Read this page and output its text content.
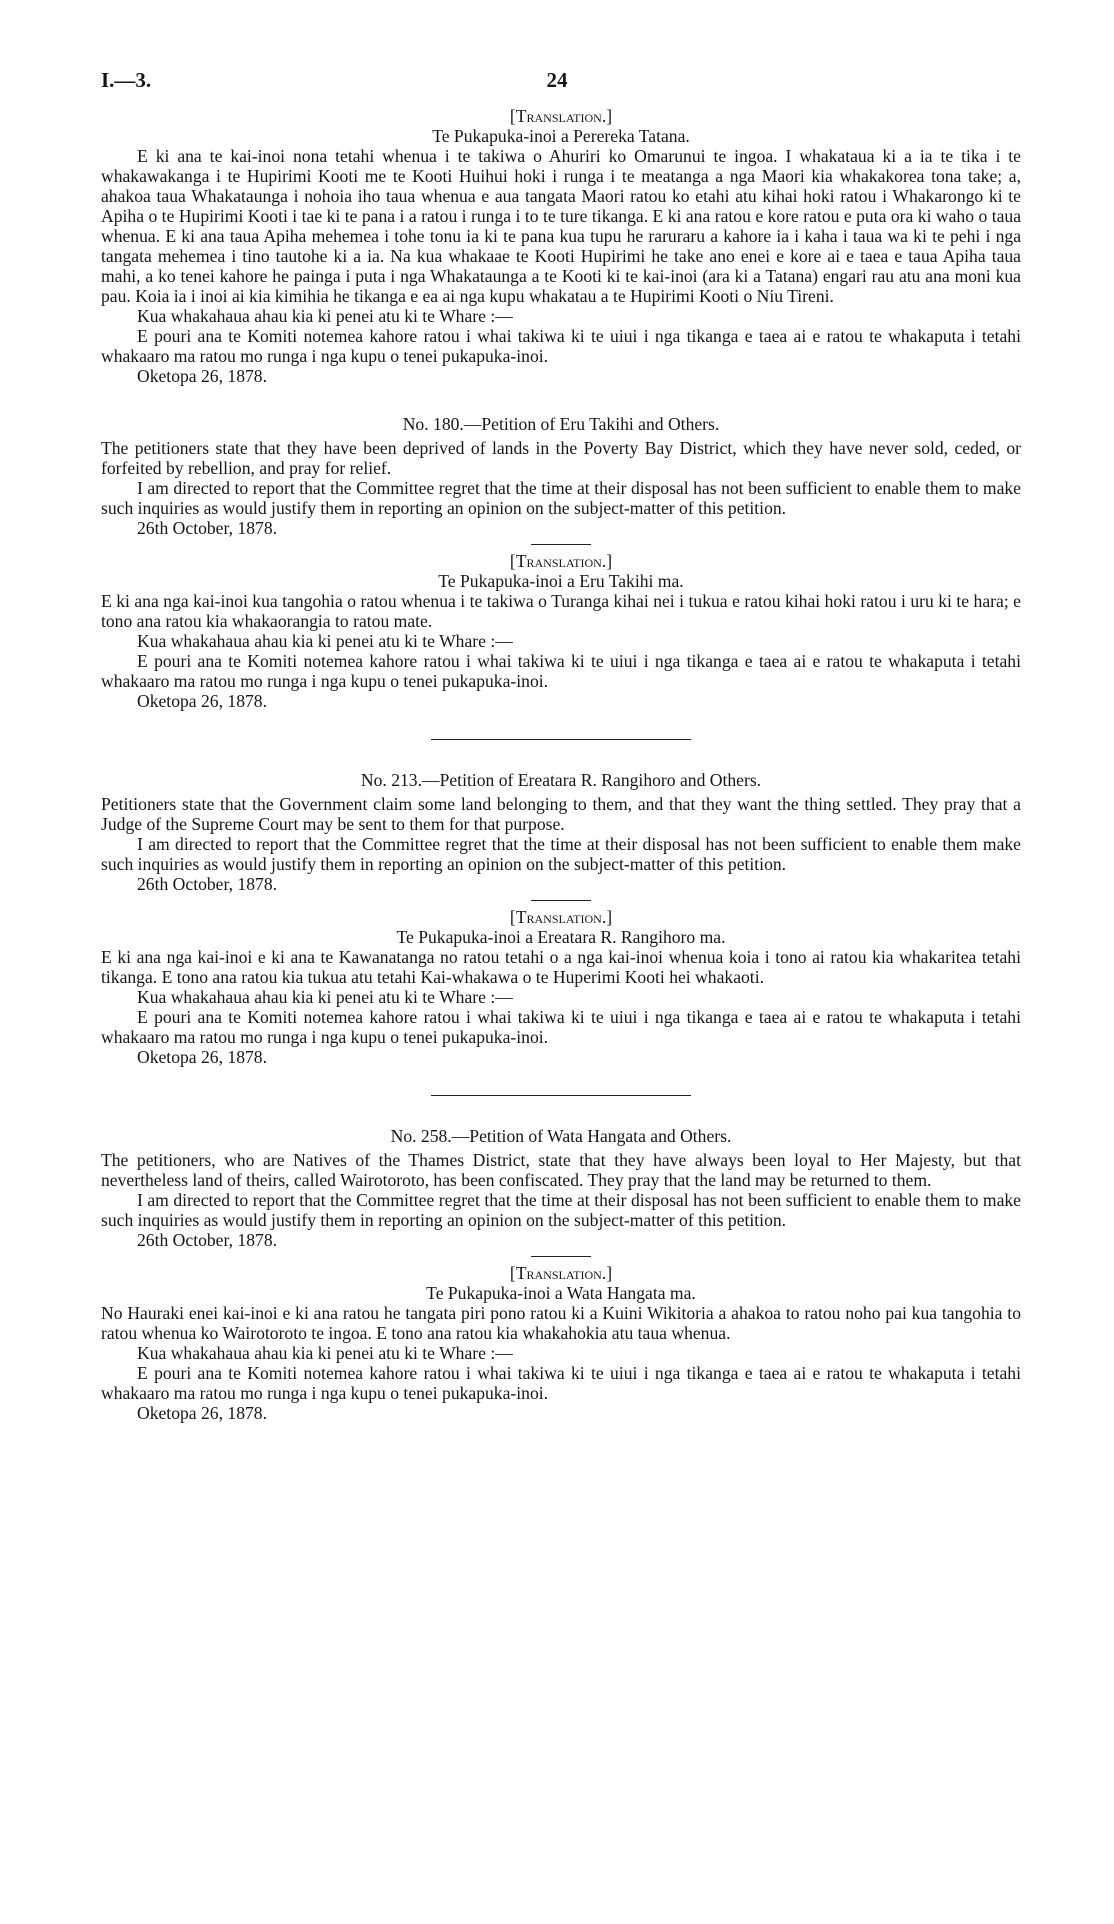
I.—3.	24

[Translation.]

Te Pukapuka-inoi a Perereka Tatana.

E ki ana te kai-inoi nona tetahi whenua i te takiwa o Ahuriri ko Omarunui te ingoa. I whakataua ki a ia te tika i te whakawakanga i te Hupirimi Kooti me te Kooti Huihui hoki i runga i te meatanga a nga Maori kia whakakorea tona take; a, ahakoa taua Whakataunga i nohoia iho taua whenua e aua tangata Maori ratou ko etahi atu kihai hoki ratou i Whakarongo ki te Apiha o te Hupirimi Kooti i tae ki te pana i a ratou i runga i to te ture tikanga. E ki ana ratou e kore ratou e puta ora ki waho o taua whenua. E ki ana taua Apiha mehemea i tohe tonu ia ki te pana kua tupu he raruraru a kahore ia i kaha i taua wa ki te pehi i nga tangata mehemea i tino tautohe ki a ia. Na kua whakaae te Kooti Hupirimi he take ano enei e kore ai e taea e taua Apiha taua mahi, a ko tenei kahore he painga i puta i nga Whakataunga a te Kooti ki te kai-inoi (ara ki a Tatana) engari rau atu ana moni kua pau. Koia ia i inoi ai kia kimihia he tikanga e ea ai nga kupu whakatau a te Hupirimi Kooti o Niu Tireni.

Kua whakahaua ahau kia ki penei atu ki te Whare :—

E pouri ana te Komiti notemea kahore ratou i whai takiwa ki te uiui i nga tikanga e taea ai e ratou te whakaputa i tetahi whakaaro ma ratou mo runga i nga kupu o tenei pukapuka-inoi.

Oketopa 26, 1878.

No. 180.—Petition of Eru Takihi and Others.

The petitioners state that they have been deprived of lands in the Poverty Bay District, which they have never sold, ceded, or forfeited by rebellion, and pray for relief.

I am directed to report that the Committee regret that the time at their disposal has not been sufficient to enable them to make such inquiries as would justify them in reporting an opinion on the subject-matter of this petition.

26th October, 1878.

[Translation.]

Te Pukapuka-inoi a Eru Takihi ma.

E ki ana nga kai-inoi kua tangohia o ratou whenua i te takiwa o Turanga kihai nei i tukua e ratou kihai hoki ratou i uru ki te hara; e tono ana ratou kia whakaorangia to ratou mate.

Kua whakahaua ahau kia ki penei atu ki te Whare :—

E pouri ana te Komiti notemea kahore ratou i whai takiwa ki te uiui i nga tikanga e taea ai e ratou te whakaputa i tetahi whakaaro ma ratou mo runga i nga kupu o tenei pukapuka-inoi.

Oketopa 26, 1878.

No. 213.—Petition of Ereatara R. Rangihoro and Others.

Petitioners state that the Government claim some land belonging to them, and that they want the thing settled. They pray that a Judge of the Supreme Court may be sent to them for that purpose.

I am directed to report that the Committee regret that the time at their disposal has not been sufficient to enable them make such inquiries as would justify them in reporting an opinion on the subject-matter of this petition.

26th October, 1878.

[Translation.]

Te Pukapuka-inoi a Ereatara R. Rangihoro ma.

E ki ana nga kai-inoi e ki ana te Kawanatanga no ratou tetahi o a nga kai-inoi whenua koia i tono ai ratou kia whakaritea tetahi tikanga. E tono ana ratou kia tukua atu tetahi Kai-whakawa o te Huperimi Kooti hei whakaoti.

Kua whakahaua ahau kia ki penei atu ki te Whare :—

E pouri ana te Komiti notemea kahore ratou i whai takiwa ki te uiui i nga tikanga e taea ai e ratou te whakaputa i tetahi whakaaro ma ratou mo runga i nga kupu o tenei pukapuka-inoi.

Oketopa 26, 1878.

No. 258.—Petition of Wata Hangata and Others.

The petitioners, who are Natives of the Thames District, state that they have always been loyal to Her Majesty, but that nevertheless land of theirs, called Wairotoroto, has been confiscated. They pray that the land may be returned to them.

I am directed to report that the Committee regret that the time at their disposal has not been sufficient to enable them to make such inquiries as would justify them in reporting an opinion on the subject-matter of this petition.

26th October, 1878.

[Translation.]

Te Pukapuka-inoi a Wata Hangata ma.

No Hauraki enei kai-inoi e ki ana ratou he tangata piri pono ratou ki a Kuini Wikitoria a ahakoa to ratou noho pai kua tangohia to ratou whenua ko Wairotoroto te ingoa. E tono ana ratou kia whakahokia atu taua whenua.

Kua whakahaua ahau kia ki penei atu ki te Whare :—

E pouri ana te Komiti notemea kahore ratou i whai takiwa ki te uiui i nga tikanga e taea ai e ratou te whakaputa i tetahi whakaaro ma ratou mo runga i nga kupu o tenei pukapuka-inoi.

Oketopa 26, 1878.
